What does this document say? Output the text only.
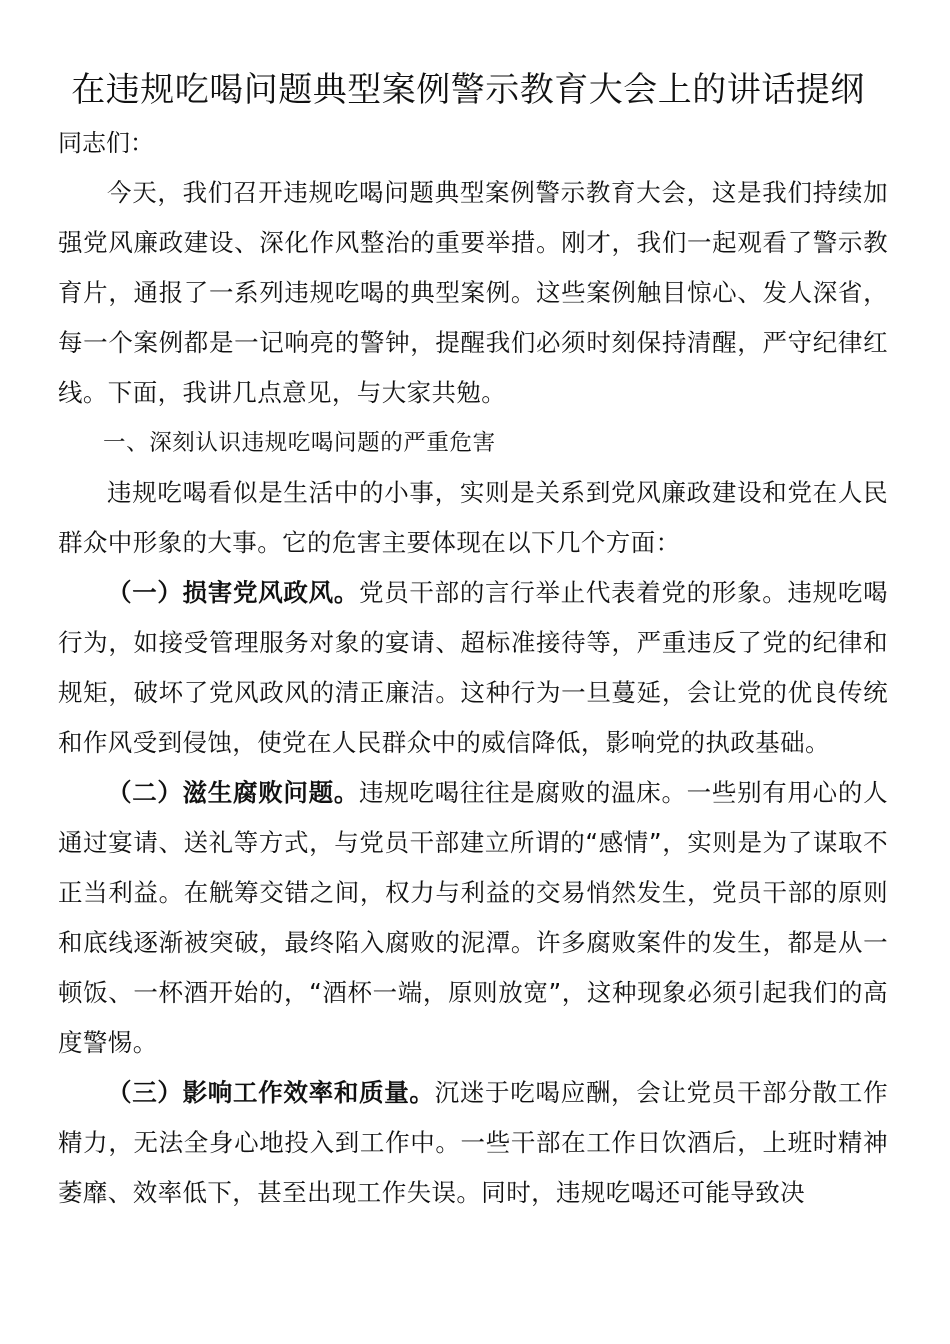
在违规吃喝问题典型案例警示教育大会上的讲话提纲
同志们：

今天，我们召开违规吃喝问题典型案例警示教育大会，这是我们持续加强党风廉政建设、深化作风整治的重要举措。刚才，我们一起观看了警示教育片，通报了一系列违规吃喝的典型案例。这些案例触目惊心、发人深省，每一个案例都是一记响亮的警钟，提醒我们必须时刻保持清醒，严守纪律红线。下面，我讲几点意见，与大家共勉。

一、深刻认识违规吃喝问题的严重危害

违规吃喝看似是生活中的小事，实则是关系到党风廉政建设和党在人民群众中形象的大事。它的危害主要体现在以下几个方面：

（一）损害党风政风。党员干部的言行举止代表着党的形象。违规吃喝行为，如接受管理服务对象的宴请、超标准接待等，严重违反了党的纪律和规矩，破坏了党风政风的清正廉洁。这种行为一旦蔓延，会让党的优良传统和作风受到侵蚀，使党在人民群众中的威信降低，影响党的执政基础。

（二）滋生腐败问题。违规吃喝往往是腐败的温床。一些别有用心的人通过宴请、送礼等方式，与党员干部建立所谓的“感情”，实则是为了谋取不正当利益。在觥筹交错之间，权力与利益的交易悄然发生，党员干部的原则和底线逐渐被突破，最终陷入腐败的泥潭。许多腐败案件的发生，都是从一顿饭、一杯酒开始的，“酒杯一端，原则放宽”，这种现象必须引起我们的高度警惕。

（三）影响工作效率和质量。沉迷于吃喝应酬，会让党员干部分散工作精力，无法全身心地投入到工作中。一些干部在工作日饮酒后，上班时精神萎靡、效率低下，甚至出现工作失误。同时，违规吃喝还可能导致决
